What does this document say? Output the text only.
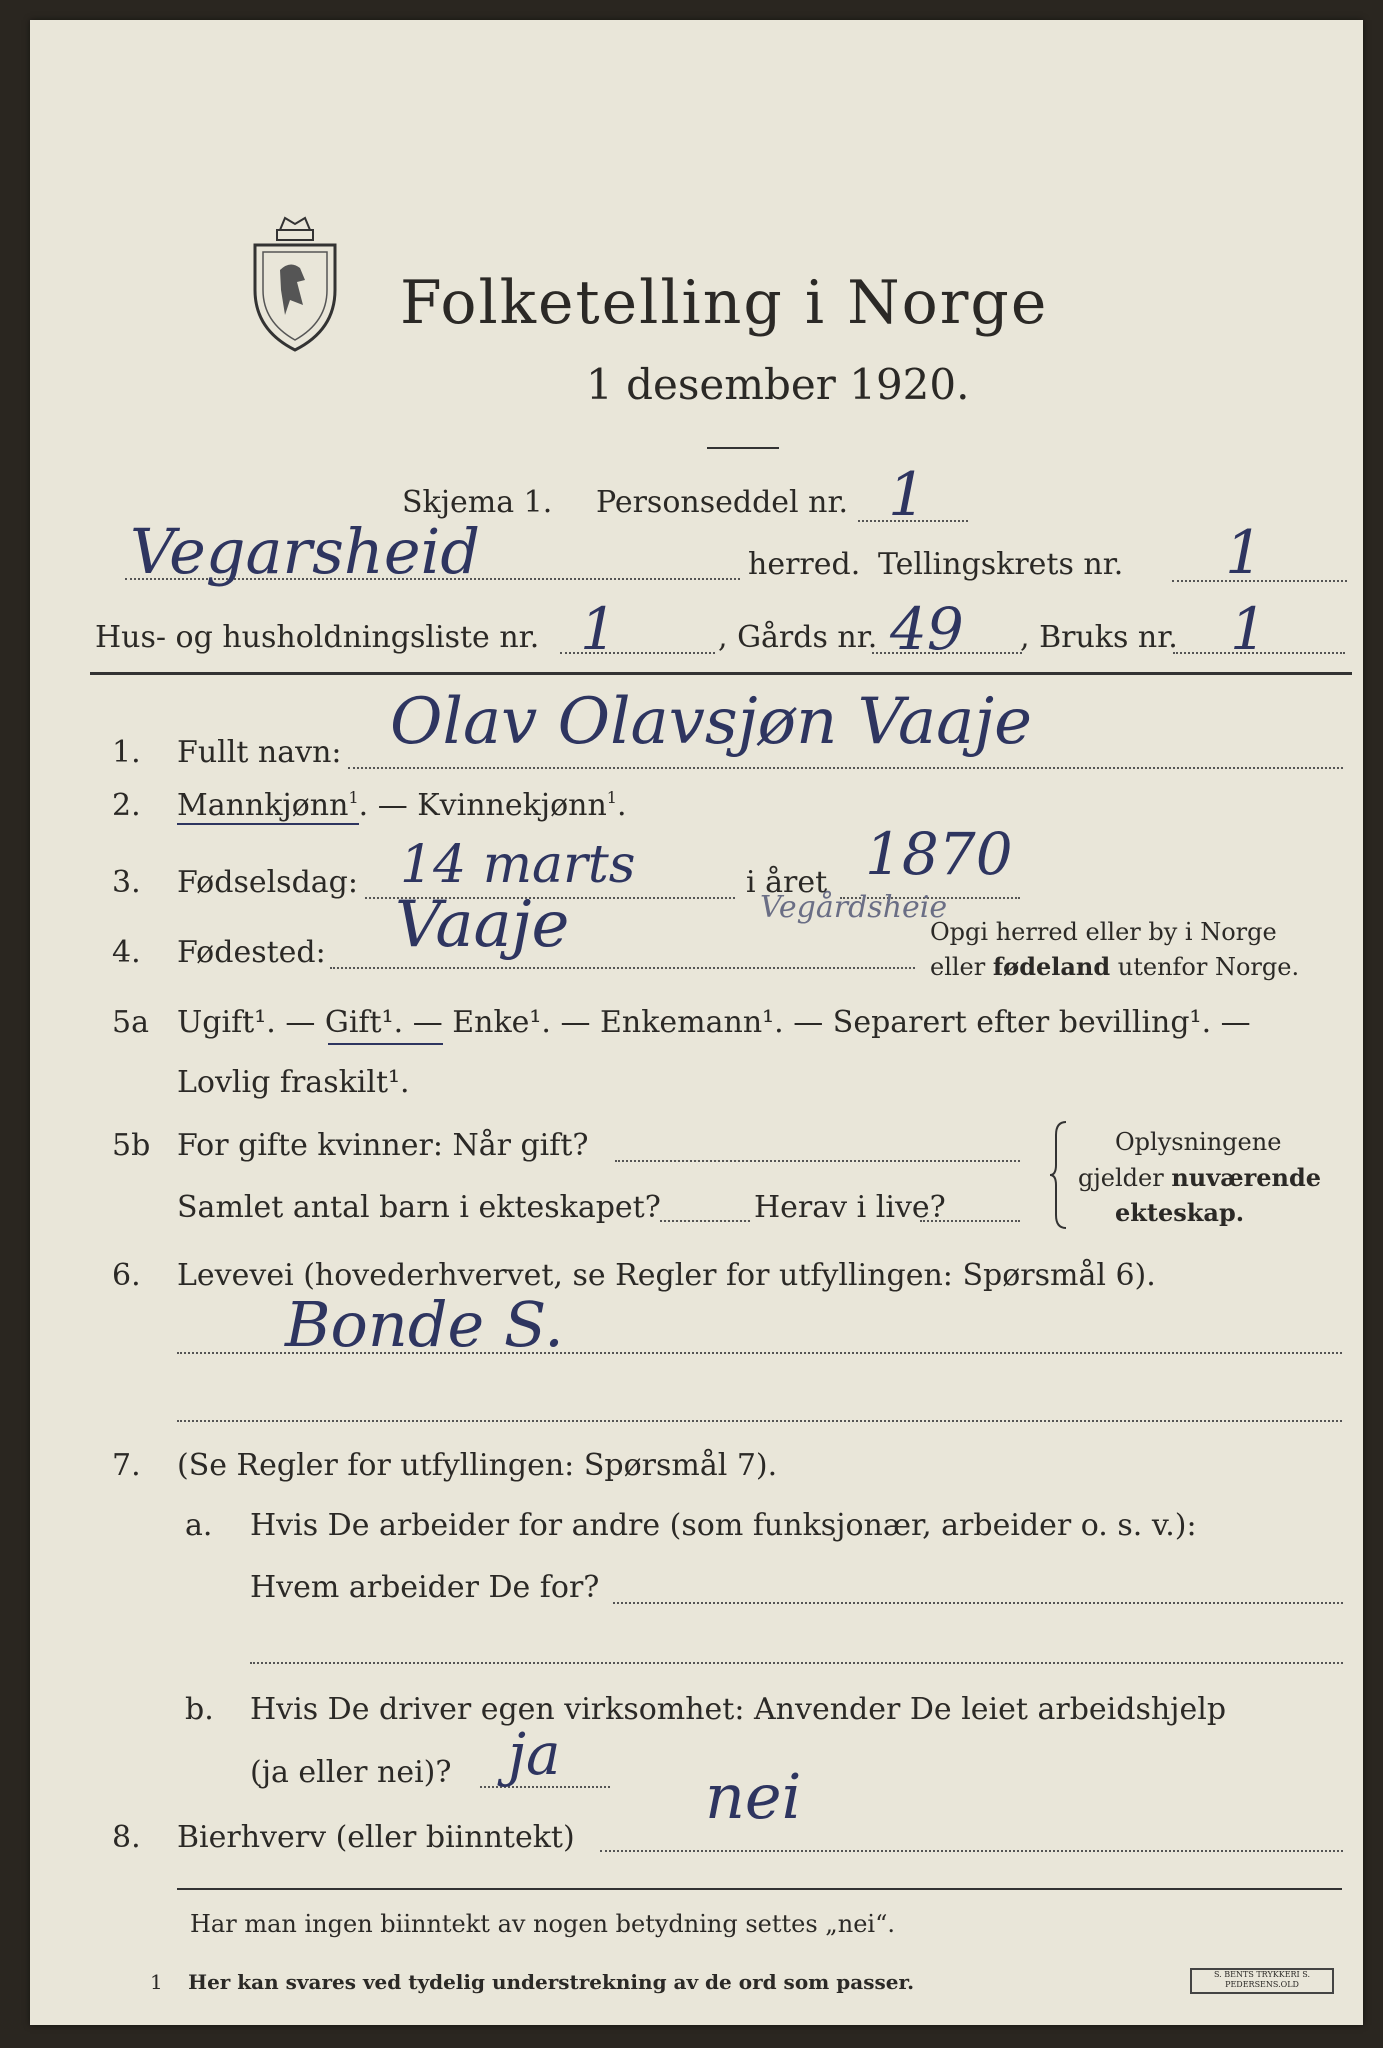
Folketelling i Norge
1 desember 1920.
Skjema 1. Personseddel nr. 1
Vegarsheid	herred. Tellingskrets nr. 1
Hus- og husholdningsliste nr. 1	, Gårds nr. 49 , Bruks nr. 1
1. Fullt navn: Olav Olavsjøn Vaaje
2. Mannkjønn$^1$. — Kvinnekjønn$^1$.
3. Fødselsdag: 14 marts	i året 1870
4. Fødested: Vaaje	Vegårdsheie
Opgi herred eller by i Norge
eller fødeland utenfor Norge.
5a Ugift¹. — Gift¹. — Enke¹. — Enkemann¹. — Separert efter bevilling¹. —
Lovlig fraskilt¹.
5b For gifte kvinner: Når gift?
Samlet antal barn i ekteskapet?	Herav i live?
Oplysningene
gjelder nuværende
ekteskap.
6. Levevei (hovederhvervet, se Regler for utfyllingen: Spørsmål 6).
Bonde S.
7. (Se Regler for utfyllingen: Spørsmål 7).
a. Hvis De arbeider for andre (som funksjonær, arbeider o. s. v.):
Hvem arbeider De for?
b. Hvis De driver egen virksomhet: Anvender De leiet arbeidshjelp
(ja eller nei)? ja
8. Bierhverv (eller biinntekt)
nei
Har man ingen biinntekt av nogen betydning settes „nei“.
1 Her kan svares ved tydelig understrekning av de ord som passer.	S. BENTS TRYKKERI S. PEDERSENS.OLD
